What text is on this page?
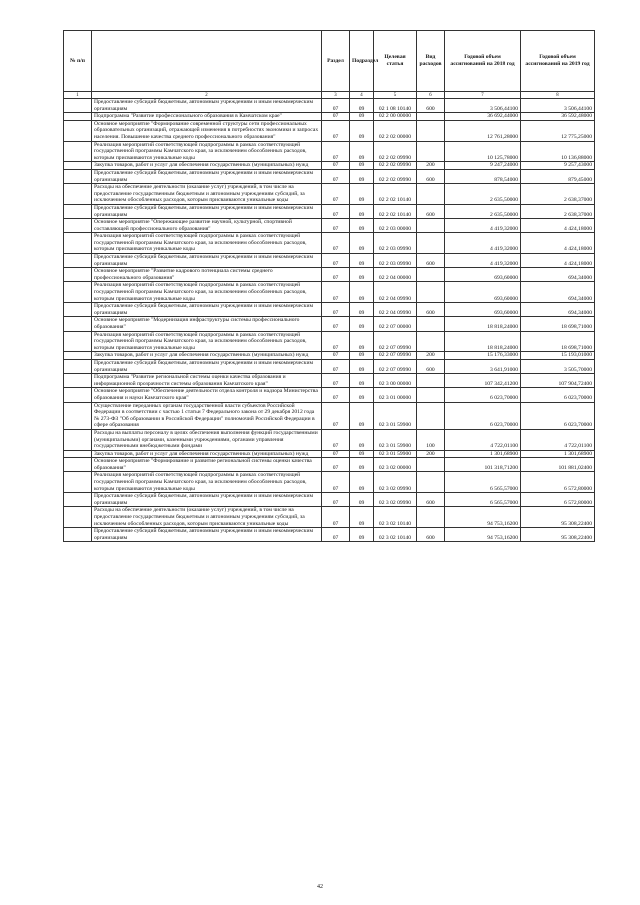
№ п/п		Раздел	Подраздел	Целевая статья	Вид расходов	Годовой объем ассигнований на 2018 год	Годовой объем ассигнований на 2019 год
1	2	3	4	5	6	7	8
	Предоставление субсидий бюджетным, автономным учреждениям и иным некоммерческим организациям	07	09	02 1 08 10140	600	3 506,44100	3 506,44100
	Подпрограмма "Развитие профессионального образования в Камчатском крае"	07	09	02 2 00 00000		36 692,44000	36 592,48000
	Основное мероприятие "Формирование современной структуры сети профессиональных образовательных организаций, отражающей изменения в потребностях экономики и запросах населения. Повышение качества среднего профессионального образования"	07	09	02 2 02 00000		12 761,28000	12 775,25000
	Реализация мероприятий соответствующей подпрограммы в рамках соответствующей государственной программы Камчатского края, за исключением обособленных расходов, которым присваиваются уникальные коды	07	09	02 2 02 09990		10 125,78000	10 136,88000
	Закупка товаров, работ и услуг для обеспечения государственных (муниципальных) нужд	07	09	02 2 02 09990	200	9 247,24000	9 257,43000
	Предоставление субсидий бюджетным, автономным учреждениям и иным некоммерческим организациям	07	09	02 2 02 09990	600	878,54000	879,45000
	Расходы на обеспечение деятельности (оказание услуг) учреждений, в том числе на предоставление государственным бюджетным и автономным учреждениям субсидий, за исключением обособленных расходов, которым присваиваются уникальные коды	07	09	02 2 02 10140		2 635,50000	2 638,37000
	Предоставление субсидий бюджетным, автономным учреждениям и иным некоммерческим организациям	07	09	02 2 02 10140	600	2 635,50000	2 638,37000
	Основное мероприятие "Опережающее развитие научной, культурной, спортивной составляющей профессионального образования"	07	09	02 2 03 00000		4 419,32000	4 424,18000
	Реализация мероприятий соответствующей подпрограммы в рамках соответствующей государственной программы Камчатского края, за исключением обособленных расходов, которым присваиваются уникальные коды	07	09	02 2 03 09990		4 419,32000	4 424,18000
	Предоставление субсидий бюджетным, автономным учреждениям и иным некоммерческим организациям	07	09	02 2 03 09990	600	4 419,32000	4 424,18000
	Основное мероприятие "Развитие кадрового потенциала системы среднего профессионального образования"	07	09	02 2 04 00000		693,60000	694,34000
	Реализация мероприятий соответствующей подпрограммы в рамках соответствующей государственной программы Камчатского края, за исключением обособленных расходов, которым присваиваются уникальные коды	07	09	02 2 04 09990		693,60000	694,34000
	Предоставление субсидий бюджетным, автономным учреждениям и иным некоммерческим организациям	07	09	02 2 04 09990	600	693,60000	694,34000
	Основное мероприятие "Модернизация инфраструктуры системы профессионального образования"	07	09	02 2 07 00000		18 818,24000	18 698,71000
	Реализация мероприятий соответствующей подпрограммы в рамках соответствующей государственной программы Камчатского края, за исключением обособленных расходов, которым присваиваются уникальные коды	07	09	02 2 07 09990		18 818,24000	18 698,71000
	Закупка товаров, работ и услуг для обеспечения государственных (муниципальных) нужд	07	09	02 2 07 09990	200	15 176,33000	15 193,01000
	Предоставление субсидий бюджетным, автономным учреждениям и иным некоммерческим организациям	07	09	02 2 07 09990	600	3 641,91000	3 505,70000
	Подпрограмма "Развитие региональной системы оценки качества образования и информационной прозрачности системы образования Камчатского края"	07	09	02 3 00 00000		107 342,41200	107 904,72400
	Основное мероприятие "Обеспечение деятельности отдела контроля и надзора Министерства образования и науки Камчатского края"	07	09	02 3 01 00000		6 023,70000	6 023,70000
	Осуществление переданных органам государственной власти субъектов Российской Федерации в соответствии с частью 1 статьи 7 Федерального закона от 29 декабря 2012 года № 273-ФЗ "Об образовании в Российской Федерации" полномочий Российской Федерации в сфере образования	07	09	02 3 01 59900		6 023,70000	6 023,70000
	Расходы на выплаты персоналу в целях обеспечения выполнения функций государственными (муниципальными) органами, казенными учреждениями, органами управления государственными внебюджетными фондами	07	09	02 3 01 59900	100	4 722,01100	4 722,01100
	Закупка товаров, работ и услуг для обеспечения государственных (муниципальных) нужд	07	09	02 3 01 59900	200	1 301,68900	1 301,68900
	Основное мероприятие "Формирование и развитие региональной системы оценки качества образования"	07	09	02 3 02 00000		101 318,71200	101 881,02400
	Реализация мероприятий соответствующей подпрограммы в рамках соответствующей государственной программы Камчатского края, за исключением обособленных расходов, которым присваиваются уникальные коды	07	09	02 3 02 09990		6 565,57000	6 572,80000
	Предоставление субсидий бюджетным, автономным учреждениям и иным некоммерческим организациям	07	09	02 3 02 09990	600	6 565,57000	6 572,80000
	Расходы на обеспечение деятельности (оказание услуг) учреждений, в том числе на предоставление государственным бюджетным и автономным учреждениям субсидий, за исключением обособленных расходов, которым присваиваются уникальные коды	07	09	02 3 02 10140		94 753,16200	95 308,22400
	Предоставление субсидий бюджетным, автономным учреждениям и иным некоммерческим организациям	07	09	02 3 02 10140	600	94 753,16200	95 308,22400
42
